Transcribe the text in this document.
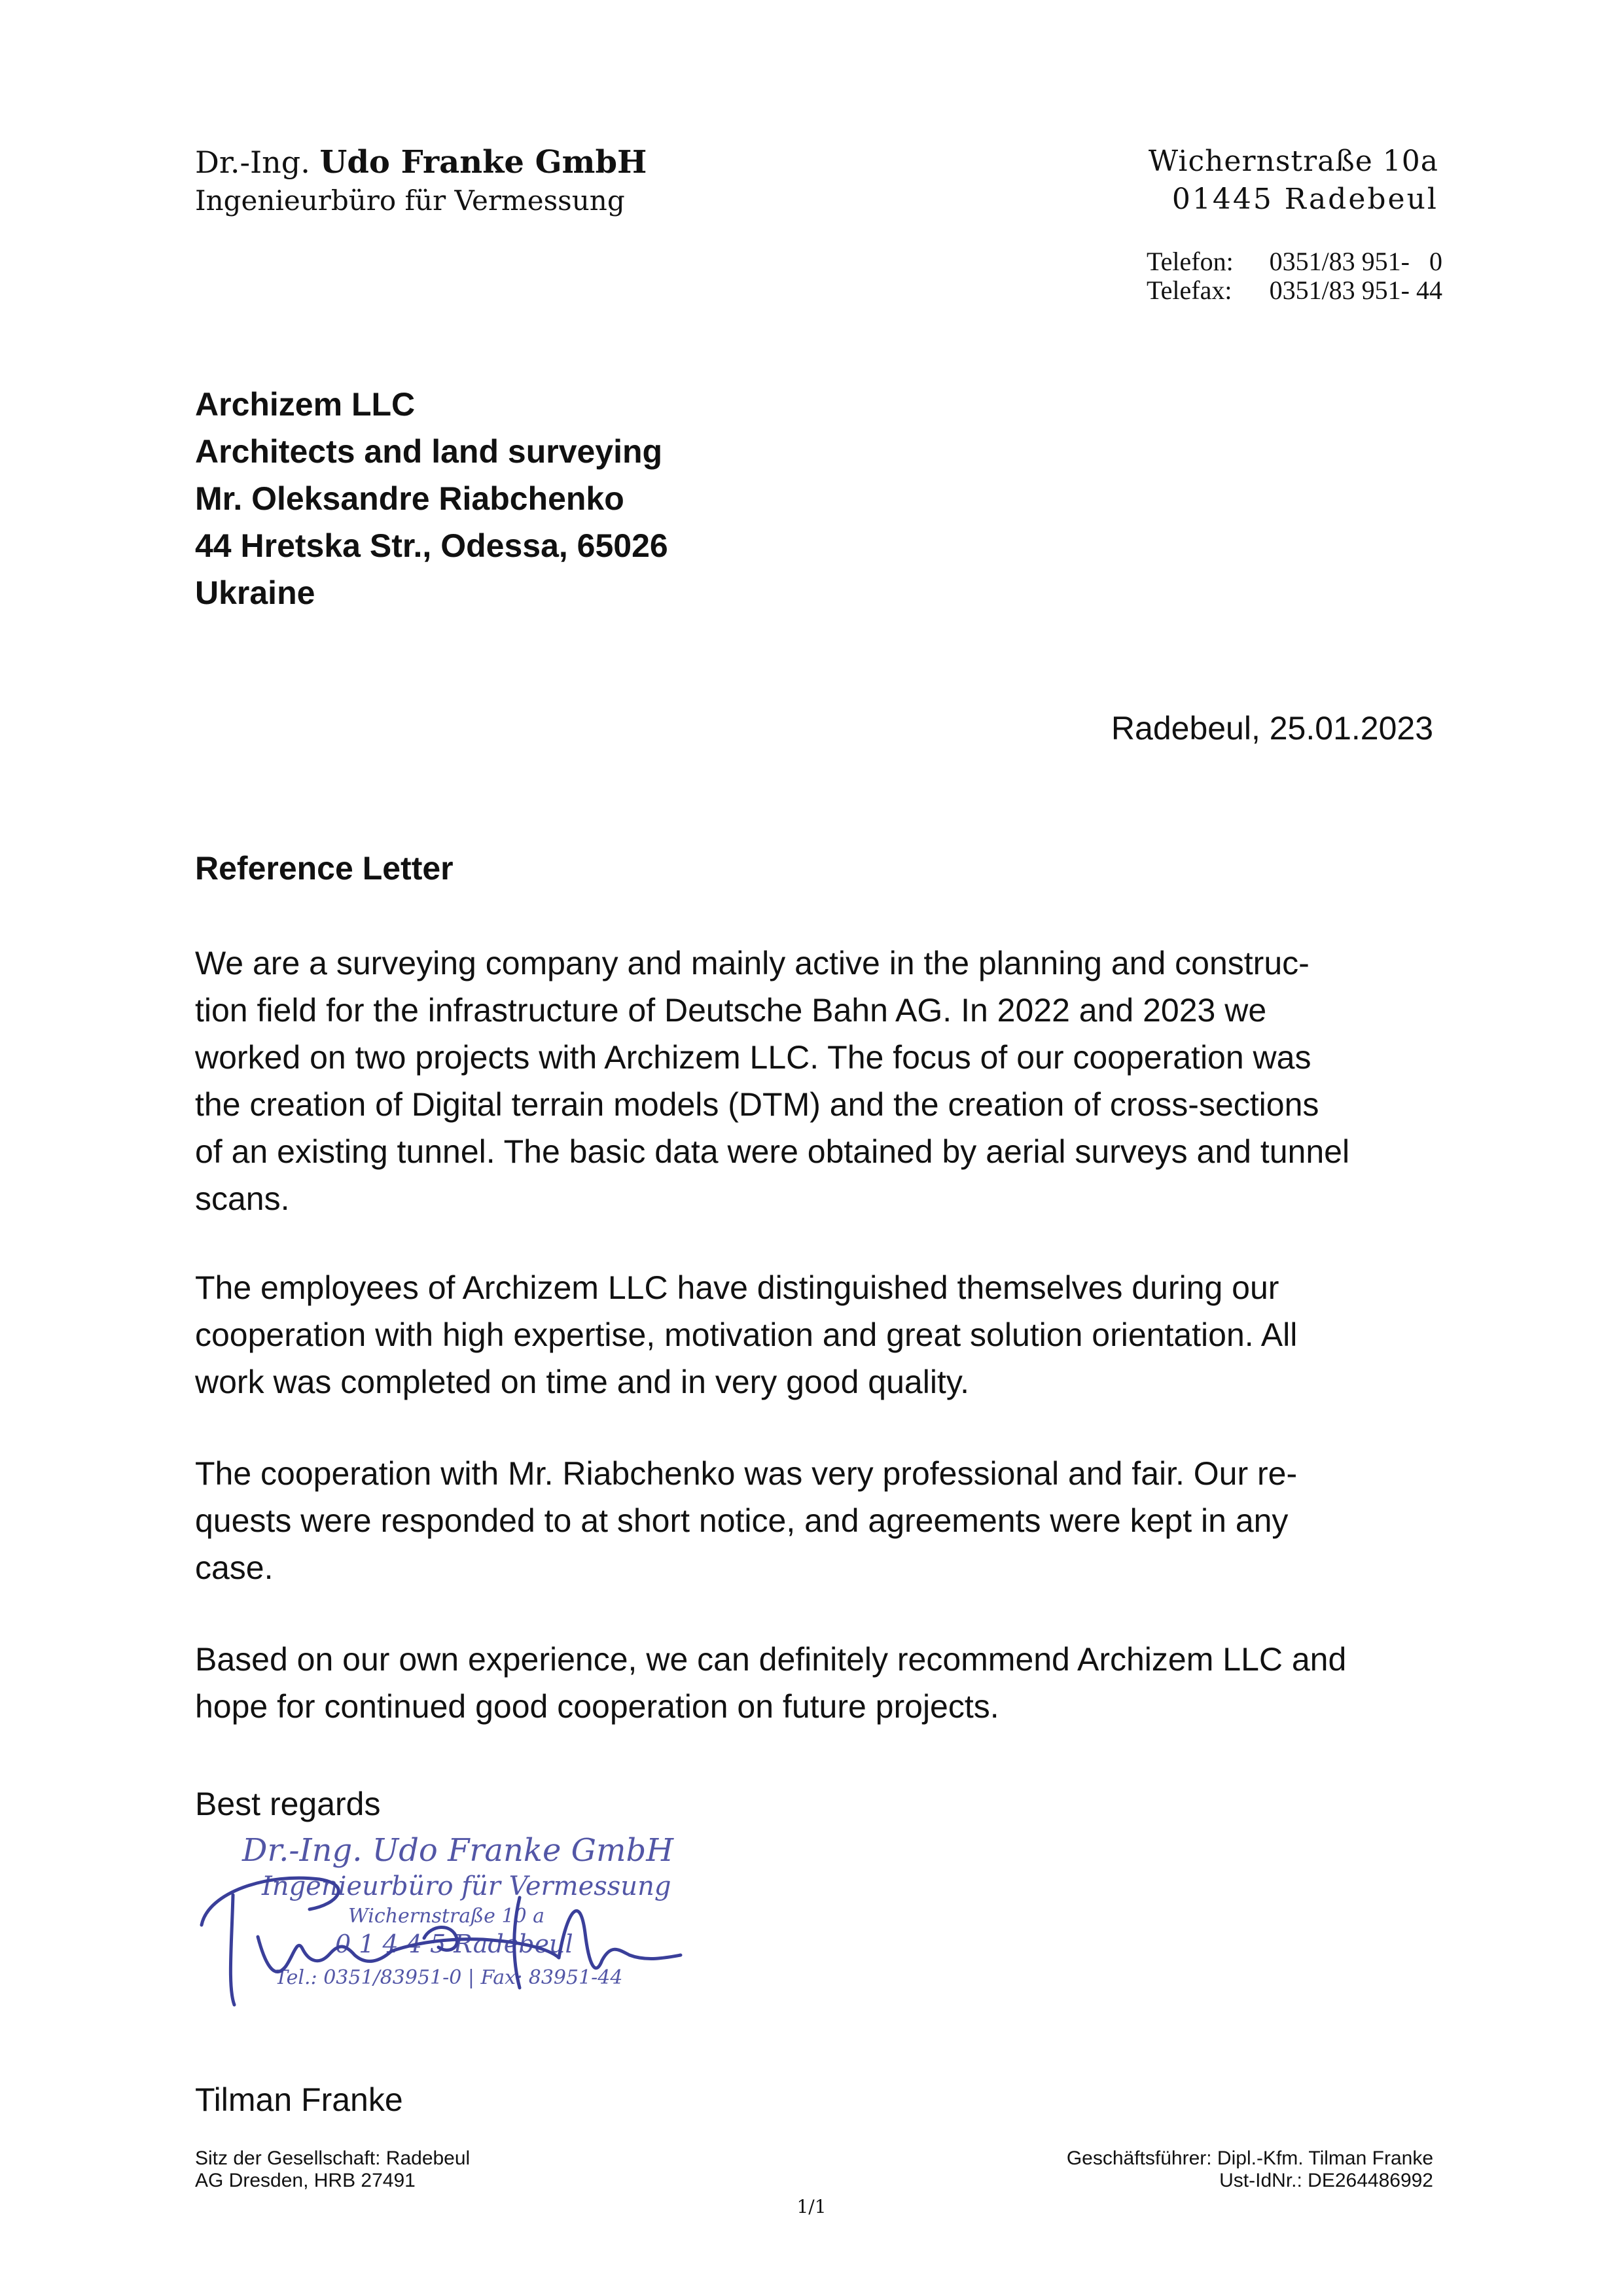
Dr.-Ing. Udo Franke GmbH
Ingenieurbüro für Vermessung
Wichernstraße 10a
01445 Radebeul
Telefon:	0351/83 951-   0
Telefax:	0351/83 951- 44
Archizem LLC
Architects and land surveying
Mr. Oleksandre Riabchenko
44 Hretska Str., Odessa, 65026
Ukraine
Radebeul, 25.01.2023
Reference Letter
We are a surveying company and mainly active in the planning and construc-
tion field for the infrastructure of Deutsche Bahn AG. In 2022 and 2023 we
worked on two projects with Archizem LLC. The focus of our cooperation was
the creation of Digital terrain models (DTM) and the creation of cross-sections
of an existing tunnel. The basic data were obtained by aerial surveys and tunnel
scans.
The employees of Archizem LLC have distinguished themselves during our
cooperation with high expertise, motivation and great solution orientation. All
work was completed on time and in very good quality.
The cooperation with Mr. Riabchenko was very professional and fair. Our re-
quests were responded to at short notice, and agreements were kept in any
case.
Based on our own experience, we can definitely recommend Archizem LLC and
hope for continued good cooperation on future projects.
Best regards
Dr.-Ing. Udo Franke GmbH
Ingenieurbüro für Vermessung
Wichernstraße 10 a
0 1 4 4 5 Radebeul
Tel.: 0351/83951-0 | Fax: 83951-44
Tilman Franke
Sitz der Gesellschaft: Radebeul
AG Dresden, HRB 27491
Geschäftsführer: Dipl.-Kfm. Tilman Franke
Ust-IdNr.: DE264486992
1/1
